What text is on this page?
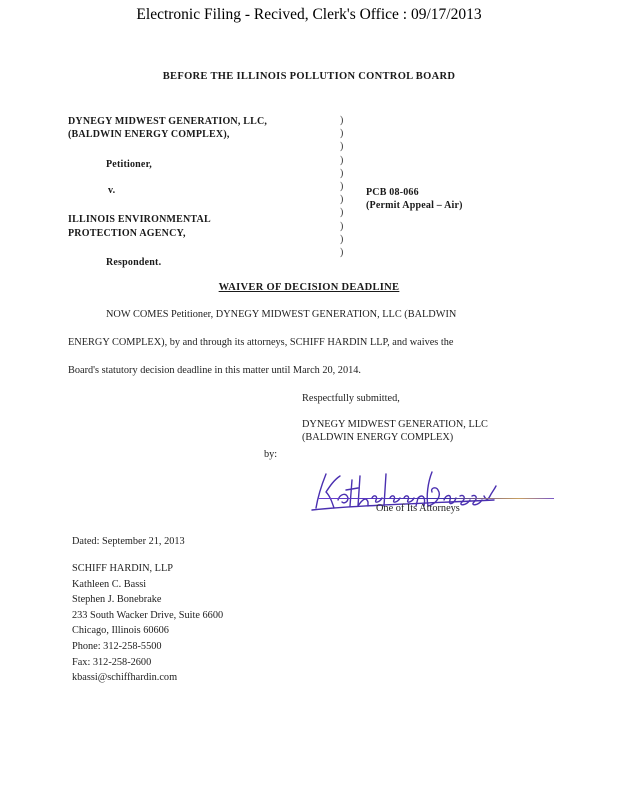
Electronic Filing - Recived, Clerk's Office : 09/17/2013
BEFORE THE ILLINOIS POLLUTION CONTROL BOARD
DYNEGY MIDWEST GENERATION, LLC,
(BALDWIN ENERGY COMPLEX),
Petitioner,
v.
ILLINOIS ENVIRONMENTAL
PROTECTION AGENCY,
Respondent.
)
)
)
)
)
)
)
)
)
)
)
PCB 08-066
(Permit Appeal – Air)
WAIVER OF DECISION DEADLINE
NOW COMES Petitioner, DYNEGY MIDWEST GENERATION, LLC (BALDWIN
ENERGY COMPLEX), by and through its attorneys, SCHIFF HARDIN LLP, and waives the
Board's statutory decision deadline in this matter until March 20, 2014.
Respectfully submitted,
DYNEGY MIDWEST GENERATION, LLC
(BALDWIN ENERGY COMPLEX)
by:
One of Its Attorneys
Dated: September 21, 2013
SCHIFF HARDIN, LLP
Kathleen C. Bassi
Stephen J. Bonebrake
233 South Wacker Drive, Suite 6600
Chicago, Illinois 60606
Phone: 312-258-5500
Fax: 312-258-2600
kbassi@schiffhardin.com
